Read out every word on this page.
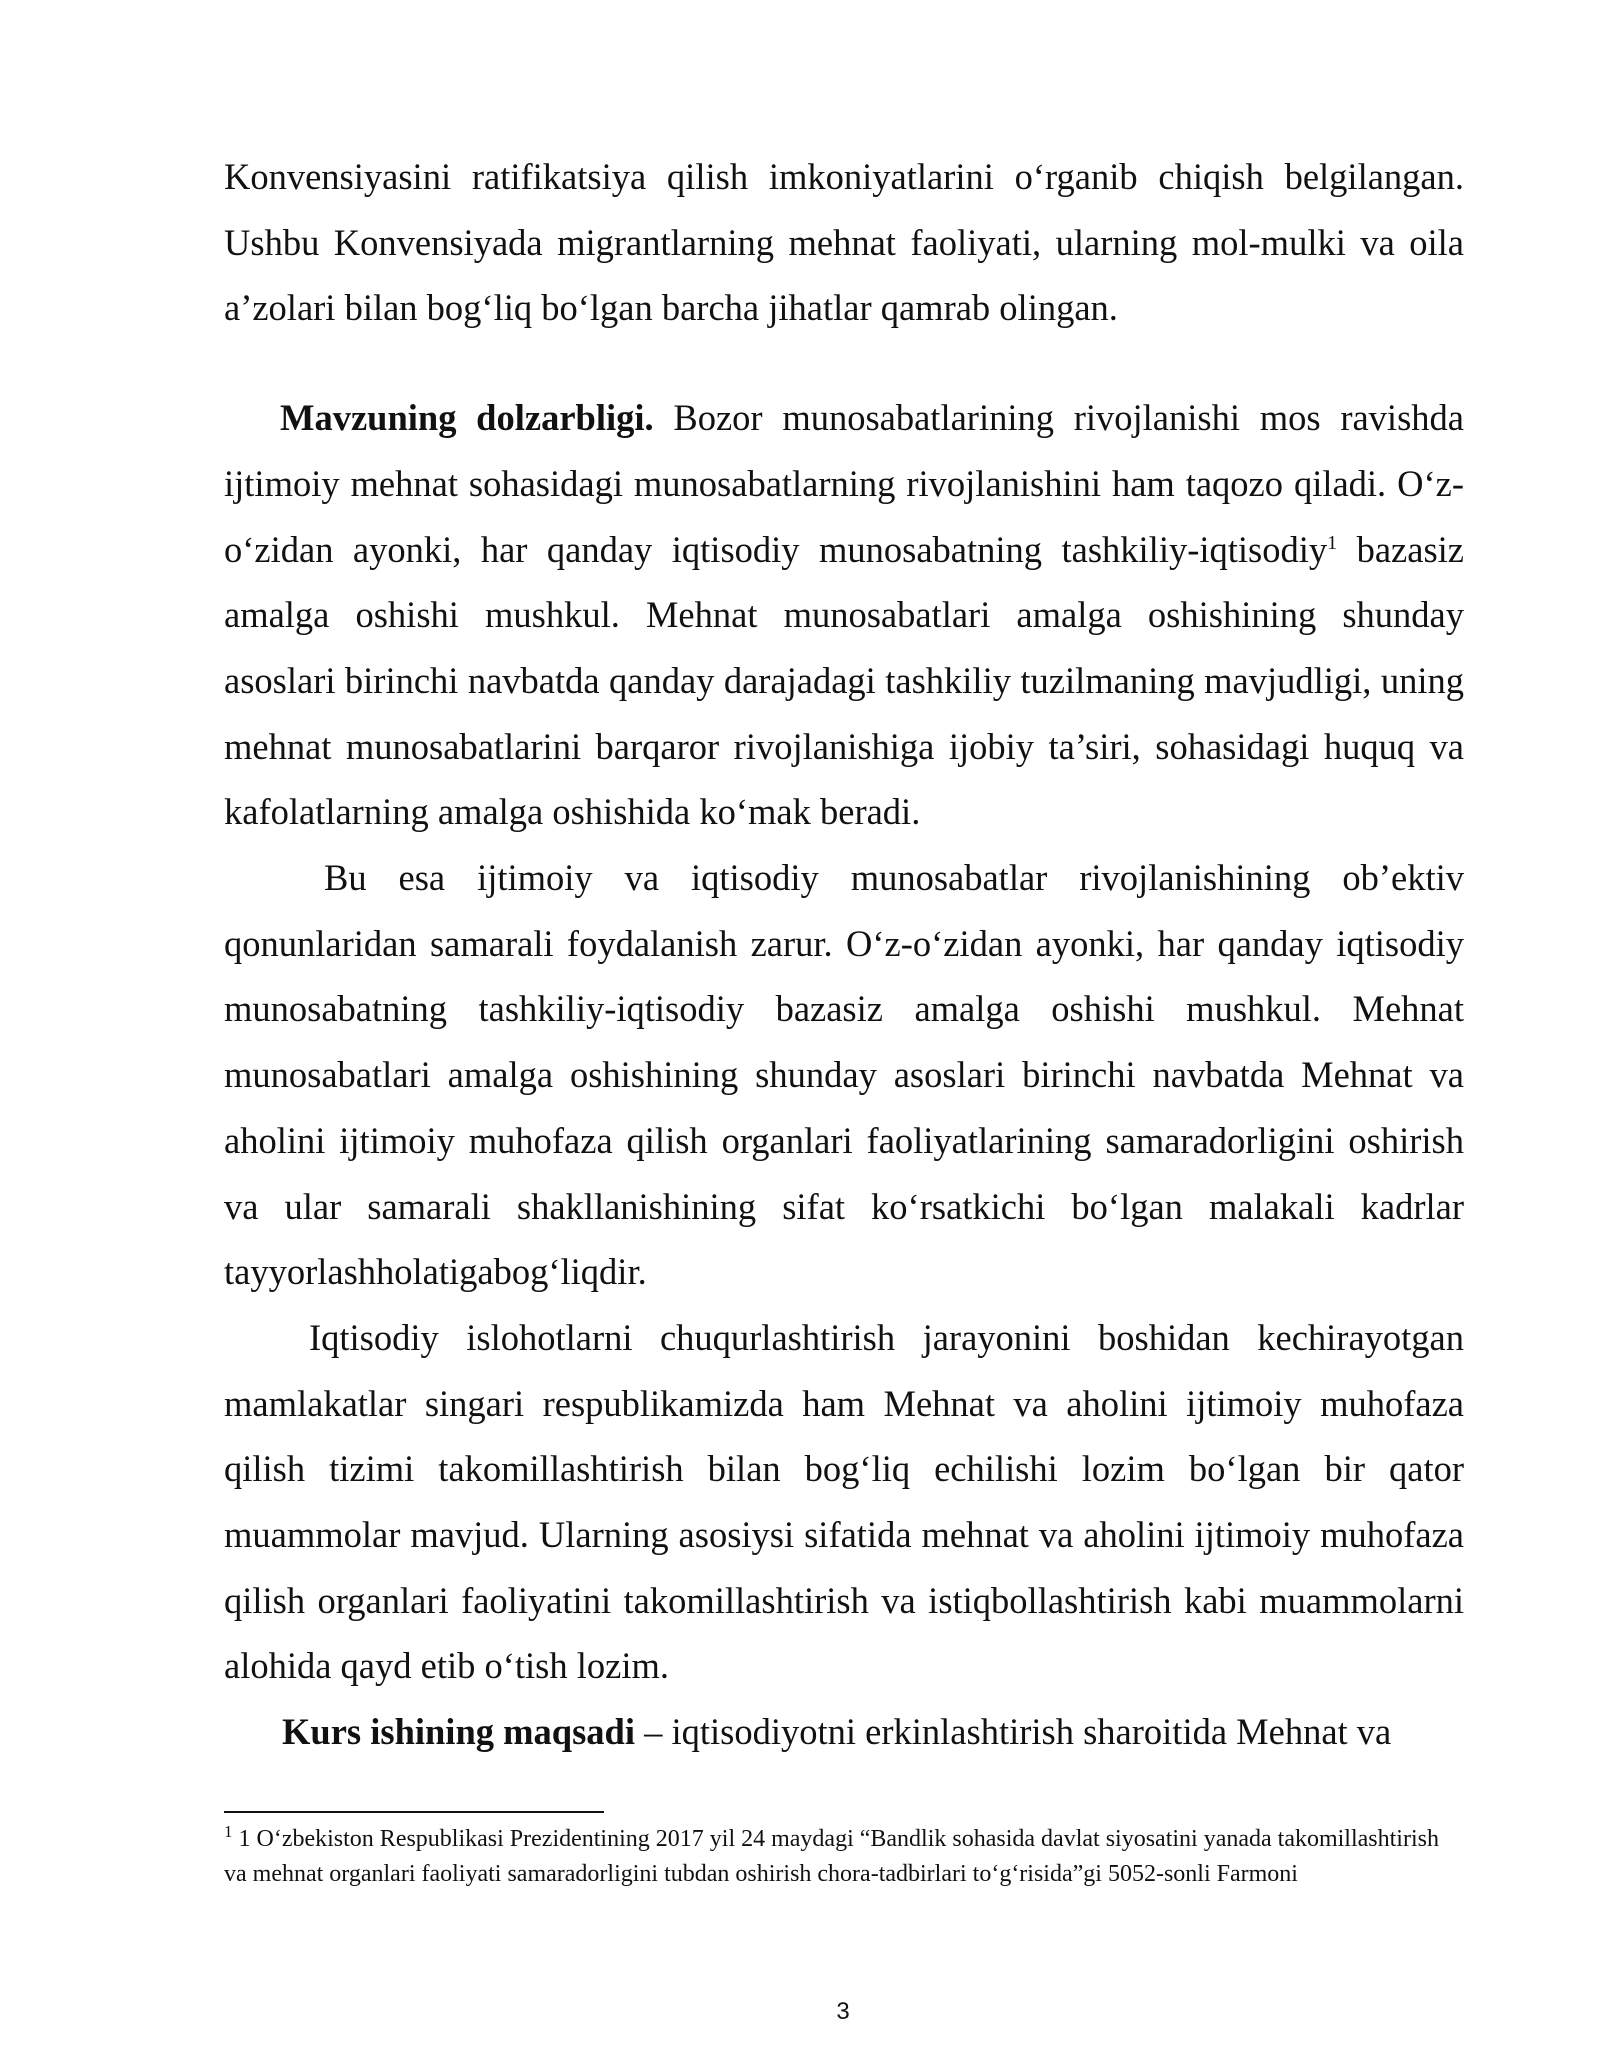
Konvensiyasini ratifikatsiya qilish imkoniyatlarini o‘rganib chiqish belgilangan. Ushbu Konvensiyada migrantlarning mehnat faoliyati, ularning mol-mulki va oila a’zolari bilan bog‘liq bo‘lgan barcha jihatlar qamrab olingan.

Mavzuning dolzarbligi. Bozor munosabatlarining rivojlanishi mos ravishda ijtimoiy mehnat sohasidagi munosabatlarning rivojlanishini ham taqozo qiladi. O‘z-o‘zidan ayonki, har qanday iqtisodiy munosabatning tashkiliy-iqtisodiy$^1$ bazasiz amalga oshishi mushkul. Mehnat munosabatlari amalga oshishining shunday asoslari birinchi navbatda qanday darajadagi tashkiliy tuzilmaning mavjudligi, uning mehnat munosabatlarini barqaror rivojlanishiga ijobiy ta’siri, sohasidagi huquq va kafolatlarning amalga oshishida ko‘mak beradi.

Bu esa ijtimoiy va iqtisodiy munosabatlar rivojlanishining ob’ektiv qonunlaridan samarali foydalanish zarur. O‘z-o‘zidan ayonki, har qanday iqtisodiy munosabatning tashkiliy-iqtisodiy bazasiz amalga oshishi mushkul. Mehnat munosabatlari amalga oshishining shunday asoslari birinchi navbatda Mehnat va aholini ijtimoiy muhofaza qilish organlari faoliyatlarining samaradorligini oshirish va ular samarali shakllanishining sifat ko‘rsatkichi bo‘lgan malakali kadrlar tayyorlashholatigabog‘liqdir.

Iqtisodiy islohotlarni chuqurlashtirish jarayonini boshidan kechirayotgan mamlakatlar singari respublikamizda ham Mehnat va aholini ijtimoiy muhofaza qilish tizimi takomillashtirish bilan bog‘liq echilishi lozim bo‘lgan bir qator muammolar mavjud. Ularning asosiysi sifatida mehnat va aholini ijtimoiy muhofaza qilish organlari faoliyatini takomillashtirish va istiqbollashtirish kabi muammolarni alohida qayd etib o‘tish lozim.

Kurs ishining maqsadi – iqtisodiyotni erkinlashtirish sharoitida Mehnat va

$^1$ 1 O‘zbekiston Respublikasi Prezidentining 2017 yil 24 maydagi “Bandlik sohasida davlat siyosatini yanada takomillashtirish va mehnat organlari faoliyati samaradorligini tubdan oshirish chora-tadbirlari to‘g‘risida”gi 5052-sonli Farmoni

3
